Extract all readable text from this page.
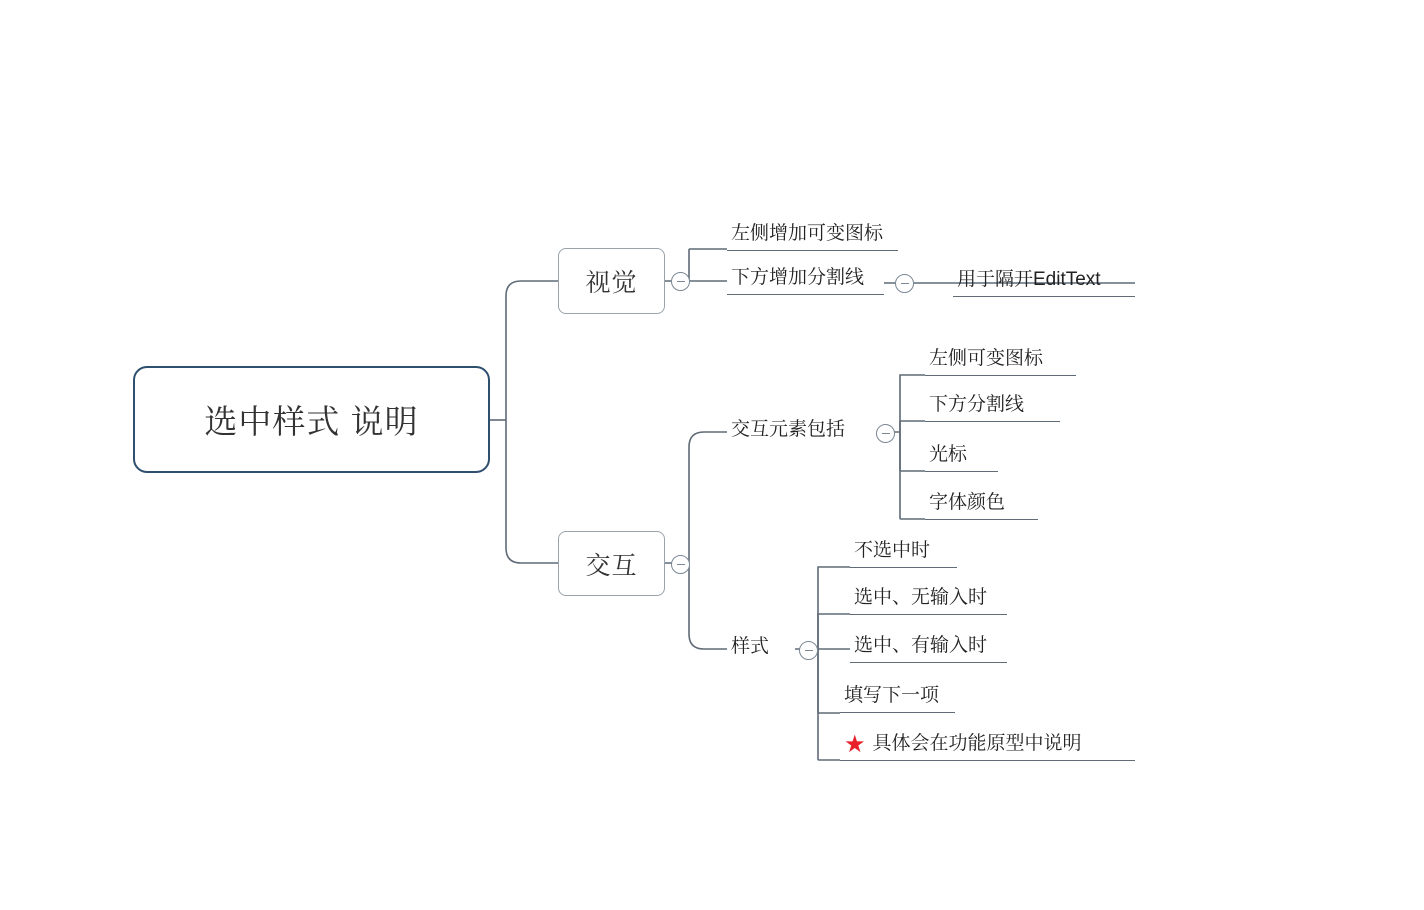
选中样式 说明
视觉
交互
左侧增加可变图标
下方增加分割线	用于隔开EditText
交互元素包括
左侧可变图标
下方分割线
光标
字体颜色
样式
不选中时
选中、无输入时
选中、有输入时
填写下一项
★ 具体会在功能原型中说明
